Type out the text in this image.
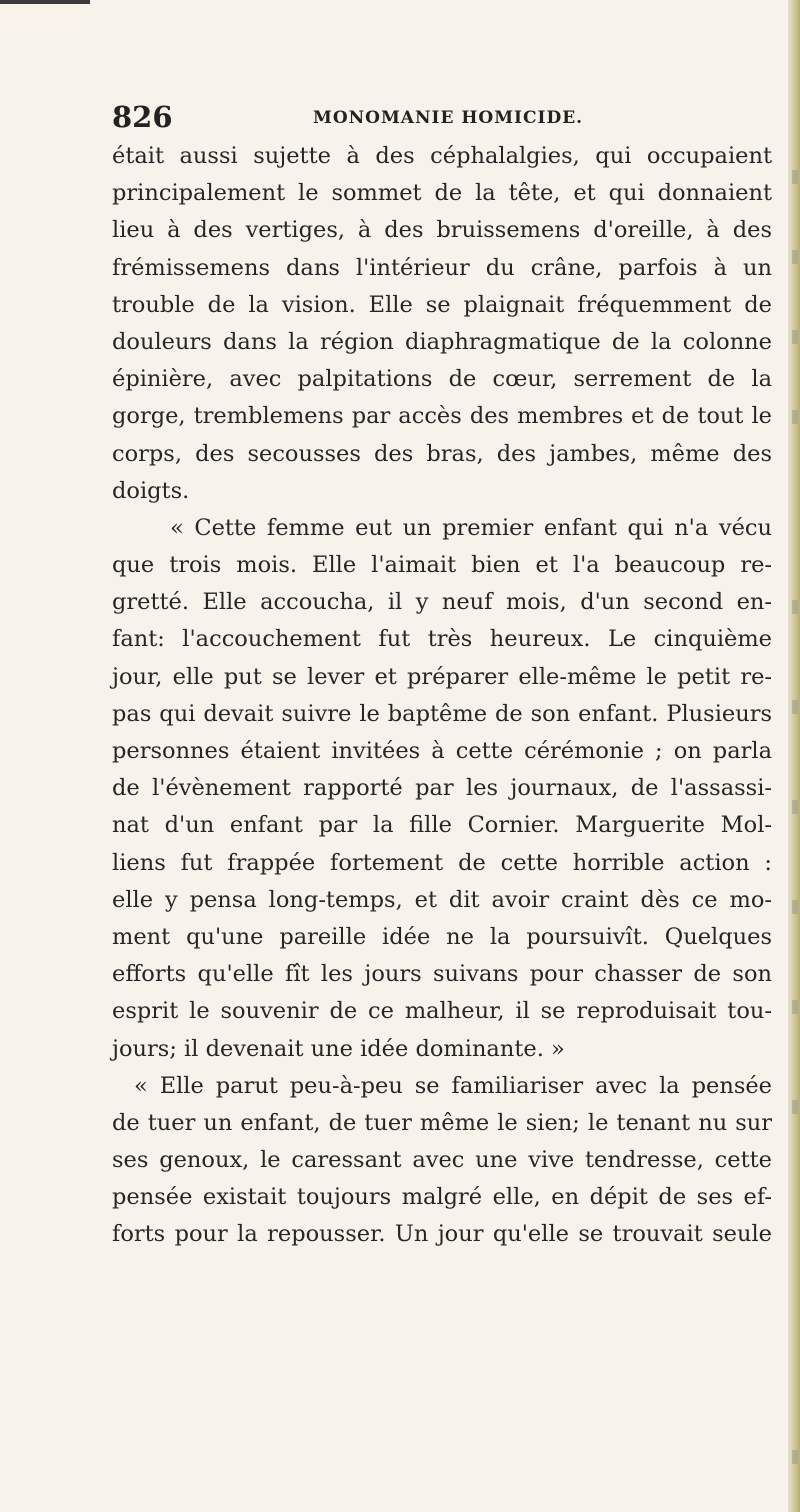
826	MONOMANIE HOMICIDE.
était aussi sujette à des céphalalgies, qui occupaient
principalement le sommet de la tête, et qui donnaient
lieu à des vertiges, à des bruissemens d'oreille, à des
frémissemens dans l'intérieur du crâne, parfois à un
trouble de la vision. Elle se plaignait fréquemment de
douleurs dans la région diaphragmatique de la colonne
épinière, avec palpitations de cœur, serrement de la
gorge, tremblemens par accès des membres et de tout le
corps, des secousses des bras, des jambes, même des
doigts.
« Cette femme eut un premier enfant qui n'a vécu
que trois mois. Elle l'aimait bien et l'a beaucoup re-
gretté. Elle accoucha, il y neuf mois, d'un second en-
fant: l'accouchement fut très heureux. Le cinquième
jour, elle put se lever et préparer elle-même le petit re-
pas qui devait suivre le baptême de son enfant. Plusieurs
personnes étaient invitées à cette cérémonie ; on parla
de l'évènement rapporté par les journaux, de l'assassi-
nat d'un enfant par la fille Cornier. Marguerite Mol-
liens fut frappée fortement de cette horrible action :
elle y pensa long-temps, et dit avoir craint dès ce mo-
ment qu'une pareille idée ne la poursuivît. Quelques
efforts qu'elle fît les jours suivans pour chasser de son
esprit le souvenir de ce malheur, il se reproduisait tou-
jours; il devenait une idée dominante. »
« Elle parut peu-à-peu se familiariser avec la pensée
de tuer un enfant, de tuer même le sien; le tenant nu sur
ses genoux, le caressant avec une vive tendresse, cette
pensée existait toujours malgré elle, en dépit de ses ef-
forts pour la repousser. Un jour qu'elle se trouvait seule
